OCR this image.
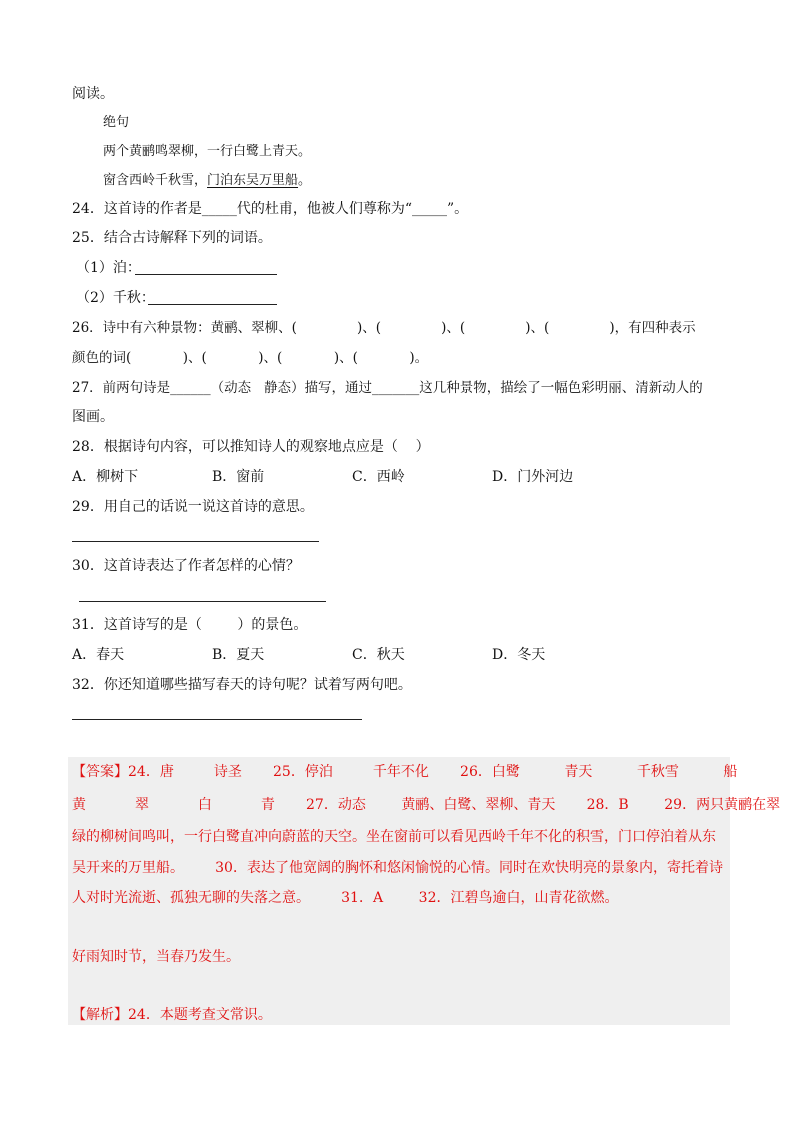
阅读。
绝句
两个黄鹂鸣翠柳，一行白鹭上青天。
窗含西岭千秋雪，门泊东吴万里船。
24．这首诗的作者是_____代的杜甫，他被人们尊称为“_____”。
25．结合古诗解释下列的词语。
（1）泊：
（2）千秋：
26．诗中有六种景物：黄鹂、翠柳、(              )、(              )、(              )、(              )，有四种表示
颜色的词(            )、(            )、(            )、(            )。
27．前两句诗是______（动态   静态）描写，通过_______这几种景物，描绘了一幅色彩明丽、清新动人的
图画。
28．根据诗句内容，可以推知诗人的观察地点应是（    ）
A．柳树下	B．窗前	C．西岭	D．门外河边
29．用自己的话说一说这首诗的意思。
30．这首诗表达了作者怎样的心情？
31．这首诗写的是（        ）的景色。
A．春天	B．夏天	C．秋天	D．冬天
32．你还知道哪些描写春天的诗句呢？试着写两句吧。
【答案】24．唐         诗圣       25．停泊         千年不化       26．白鹭          青天          千秋雪          船
黄           翠           白           青       27．动态        黄鹂、白鹭、翠柳、青天       28．B        29．两只黄鹂在翠
绿的柳树间鸣叫，一行白鹭直冲向蔚蓝的天空。坐在窗前可以看见西岭千年不化的积雪，门口停泊着从东
吴开来的万里船。       30．表达了他宽阔的胸怀和悠闲愉悦的心情。同时在欢快明亮的景象内，寄托着诗
人对时光流逝、孤独无聊的失落之意。       31．A        32．江碧鸟逾白，山青花欲燃。
好雨知时节，当春乃发生。
【解析】24．本题考查文常识。
